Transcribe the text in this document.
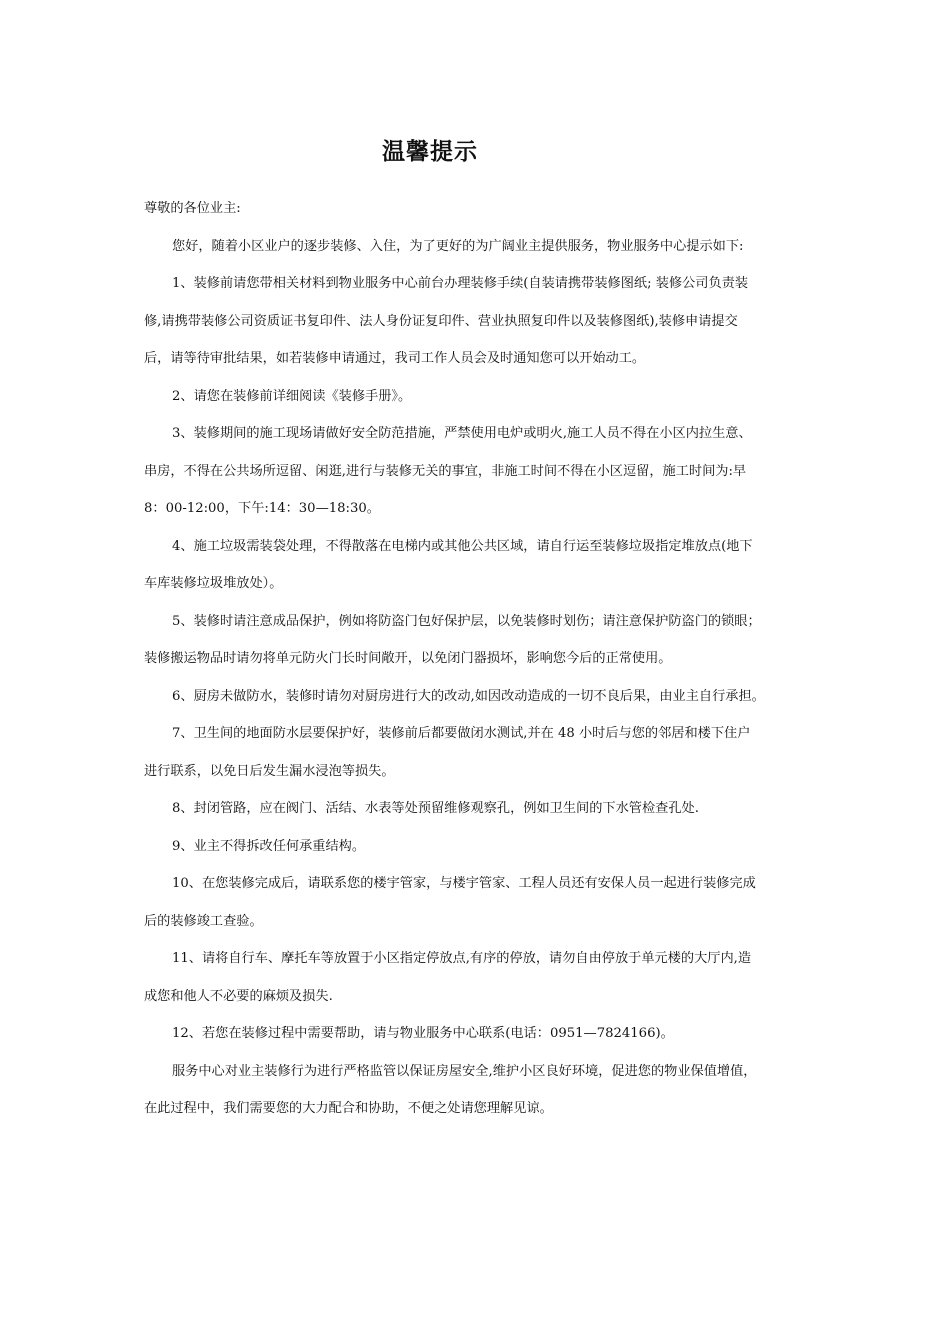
温馨提示
尊敬的各位业主:
您好，随着小区业户的逐步装修、入住，为了更好的为广阔业主提供服务，物业服务中心提示如下:
1、装修前请您带相关材料到物业服务中心前台办理装修手续(自装请携带装修图纸; 装修公司负责装
修,请携带装修公司资质证书复印件、法人身份证复印件、营业执照复印件以及装修图纸),装修申请提交
后，请等待审批结果，如若装修申请通过，我司工作人员会及时通知您可以开始动工。
2、请您在装修前详细阅读《装修手册》。
3、装修期间的施工现场请做好安全防范措施，严禁使用电炉或明火,施工人员不得在小区内拉生意、
串房，不得在公共场所逗留、闲逛,进行与装修无关的事宜，非施工时间不得在小区逗留，施工时间为:早
8：00-12:00，下午:14：30—18:30。
4、施工垃圾需装袋处理，不得散落在电梯内或其他公共区域，请自行运至装修垃圾指定堆放点(地下
车库装修垃圾堆放处）。
5、装修时请注意成品保护，例如将防盗门包好保护层，以免装修时划伤；请注意保护防盗门的锁眼；
装修搬运物品时请勿将单元防火门长时间敞开，以免闭门器损坏，影响您今后的正常使用。
6、厨房未做防水，装修时请勿对厨房进行大的改动,如因改动造成的一切不良后果，由业主自行承担。
7、卫生间的地面防水层要保护好，装修前后都要做闭水测试,并在 48 小时后与您的邻居和楼下住户
进行联系，以免日后发生漏水浸泡等损失。
8、封闭管路，应在阀门、活结、水表等处预留维修观察孔，例如卫生间的下水管检查孔处.
9、业主不得拆改任何承重结构。
10、在您装修完成后，请联系您的楼宇管家，与楼宇管家、工程人员还有安保人员一起进行装修完成
后的装修竣工查验。
11、请将自行车、摩托车等放置于小区指定停放点,有序的停放，请勿自由停放于单元楼的大厅内,造
成您和他人不必要的麻烦及损失.
12、若您在装修过程中需要帮助，请与物业服务中心联系(电话：0951—7824166)。
服务中心对业主装修行为进行严格监管以保证房屋安全,维护小区良好环境，促进您的物业保值增值，
在此过程中，我们需要您的大力配合和协助，不便之处请您理解见谅。
